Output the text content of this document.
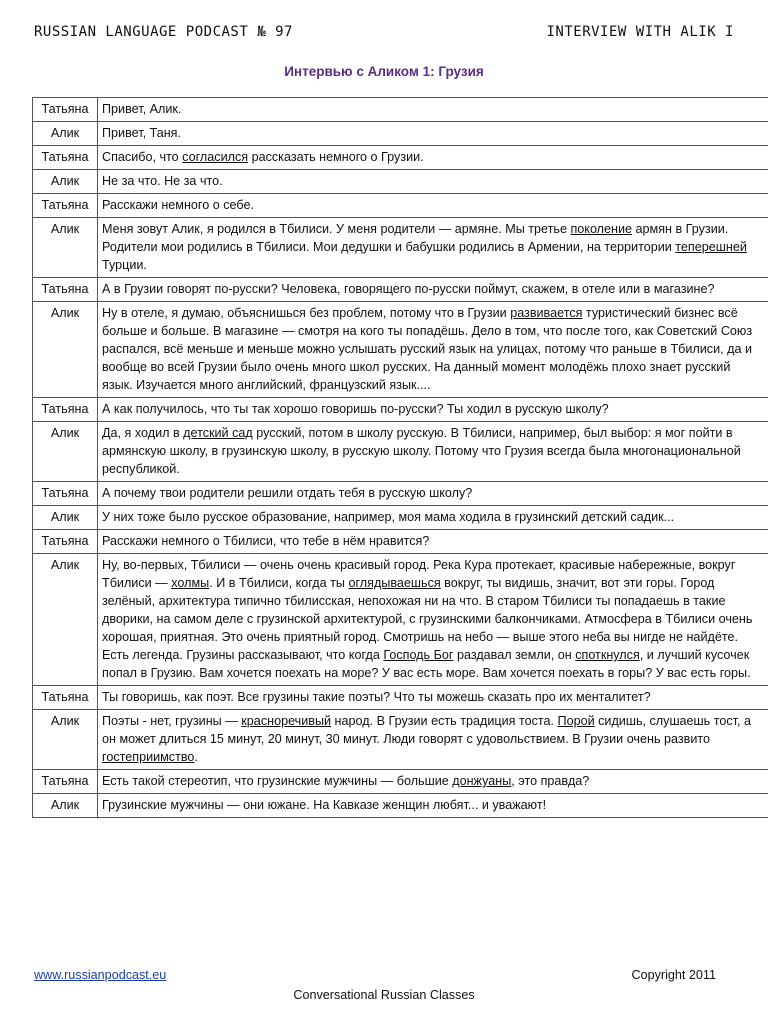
RUSSIAN LANGUAGE PODCAST № 97	INTERVIEW WITH ALIK I
Интервью с Аликом 1: Грузия
Татьяна	Привет, Алик.
Алик	Привет, Таня.
Татьяна	Спасибо, что согласился рассказать немного о Грузии.
Алик	Не за что. Не за что.
Татьяна	Расскажи немного о себе.
Алик	Меня зовут Алик, я родился в Тбилиси. У меня родители — армяне. Мы третье поколение армян в Грузии. Родители мои родились в Тбилиси. Мои дедушки и бабушки родились в Армении, на территории теперешней Турции.
Татьяна	А в Грузии говорят по-русски? Человека, говорящего по-русски поймут, скажем, в отеле или в магазине?
Алик	Ну в отеле, я думаю, объяснишься без проблем, потому что в Грузии развивается туристический бизнес всё больше и больше. В магазине — смотря на кого ты попадёшь. Дело в том, что после того, как Советский Союз распался, всё меньше и меньше можно услышать русский язык на улицах, потому что раньше в Тбилиси, да и вообще во всей Грузии было очень много школ русских. На данный момент молодёжь плохо знает русский язык. Изучается много английский, французский язык....
Татьяна	А как получилось, что ты так хорошо говоришь по-русски? Ты ходил в русскую школу?
Алик	Да, я ходил в детский сад русский, потом в школу русскую. В Тбилиси, например, был выбор: я мог пойти в армянскую школу, в грузинскую школу, в русскую школу. Потому что Грузия всегда была многонациональной республикой.
Татьяна	А почему твои родители решили отдать тебя в русскую школу?
Алик	У них тоже было русское образование, например, моя мама ходила в грузинский детский садик...
Татьяна	Расскажи немного о Тбилиси, что тебе в нём нравится?
Алик	Ну, во-первых, Тбилиси — очень очень красивый город. Река Кура протекает, красивые набережные, вокруг Тбилиси — холмы. И в Тбилиси, когда ты оглядываешься вокруг, ты видишь, значит, вот эти горы. Город зелёный, архитектура типично тбилисская, непохожая ни на что. В старом Тбилиси ты попадаешь в такие дворики, на самом деле с грузинской архитектурой, с грузинскими балкончиками. Атмосфера в Тбилиси очень хорошая, приятная. Это очень приятный город. Смотришь на небо — выше этого неба вы нигде не найдёте. Есть легенда. Грузины рассказывают, что когда Господь Бог раздавал земли, он споткнулся, и лучший кусочек попал в Грузию. Вам хочется поехать на море? У вас есть море. Вам хочется поехать в горы? У вас есть горы.
Татьяна	Ты говоришь, как поэт. Все грузины такие поэты? Что ты можешь сказать про их менталитет?
Алик	Поэты - нет, грузины — красноречивый народ. В Грузии есть традиция тоста. Порой сидишь, слушаешь тост, а он может длиться 15 минут, 20 минут, 30 минут. Люди говорят с удовольствием. В Грузии очень развито гостеприимство.
Татьяна	Есть такой стереотип, что грузинские мужчины — большие донжуаны, это правда?
Алик	Грузинские мужчины — они южане. На Кавказе женщин любят... и уважают!
www.russianpodcast.eu	Copyright 2011
Conversational Russian Classes
